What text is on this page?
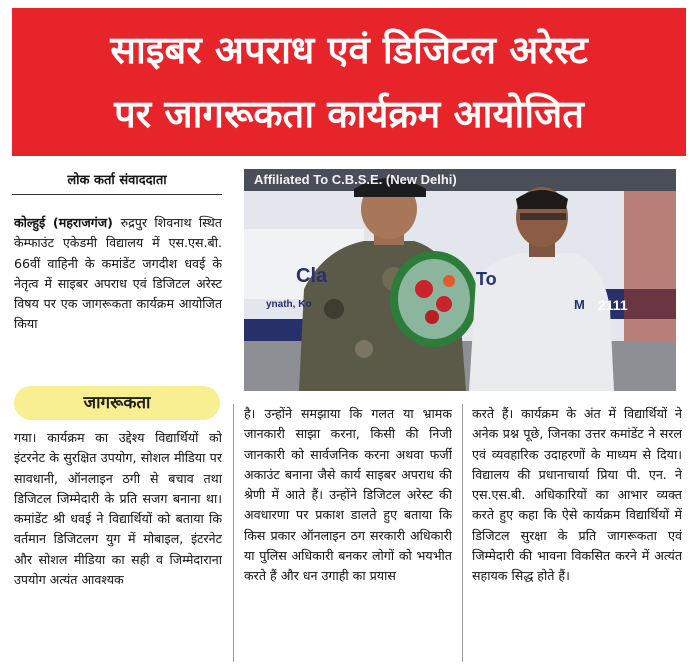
साइबर अपराध एवं डिजिटल अरेस्ट
पर जागरूकता कार्यक्रम आयोजित
लोक कर्ता संवाददाता
कोल्हुई (महराजगंज) रुद्रपुर शिवनाथ स्थित केम्फाउंट एकेडमी विद्यालय में एस.एस.बी. 66वीं वाहिनी के कमांडेंट जगदीश धवई के नेतृत्व में साइबर अपराध एवं डिजिटल अरेस्ट विषय पर एक जागरूकता कार्यक्रम आयोजित किया
जागरूकता
गया। कार्यक्रम का उद्देश्य विद्यार्थियों को इंटरनेट के सुरक्षित उपयोग, सोशल मीडिया पर सावधानी, ऑनलाइन ठगी से बचाव तथा डिजिटल जिम्मेदारी के प्रति सजग बनाना था। कमांडेंट श्री धवई ने विद्यार्थियों को बताया कि वर्तमान डिजिटलग युग में मोबाइल, इंटरनेट और सोशल मीडिया का सही व जिम्मेदाराना उपयोग अत्यंत आवश्यक
है। उन्होंने समझाया कि गलत या भ्रामक जानकारी साझा करना, किसी की निजी जानकारी को सार्वजनिक करना अथवा फर्जी अकाउंट बनाना जैसे कार्य साइबर अपराध की श्रेणी में आते हैं। उन्होंने डिजिटल अरेस्ट की अवधारणा पर प्रकाश डालते हुए बताया कि किस प्रकार ऑनलाइन ठग सरकारी अधिकारी या पुलिस अधिकारी बनकर लोगों को भयभीत करते हैं और धन उगाही का प्रयास
करते हैं। कार्यक्रम के अंत में विद्यार्थियों ने अनेक प्रश्न पूछे, जिनका उत्तर कमांडेंट ने सरल एवं व्यवहारिक उदाहरणों के माध्यम से दिया। विद्यालय की प्रधानाचार्या प्रिया पी. एन. ने एस.एस.बी. अधिकारियों का आभार व्यक्त करते हुए कहा कि ऐसे कार्यक्रम विद्यार्थियों में डिजिटल सुरक्षा के प्रति जागरूकता एवं जिम्मेदारी की भावना विकसित करने में अत्यंत सहायक सिद्ध होते हैं।
Affiliated To C.B.S.E. (New Delhi)
Cla	To
ynath, Ko	2111
M
